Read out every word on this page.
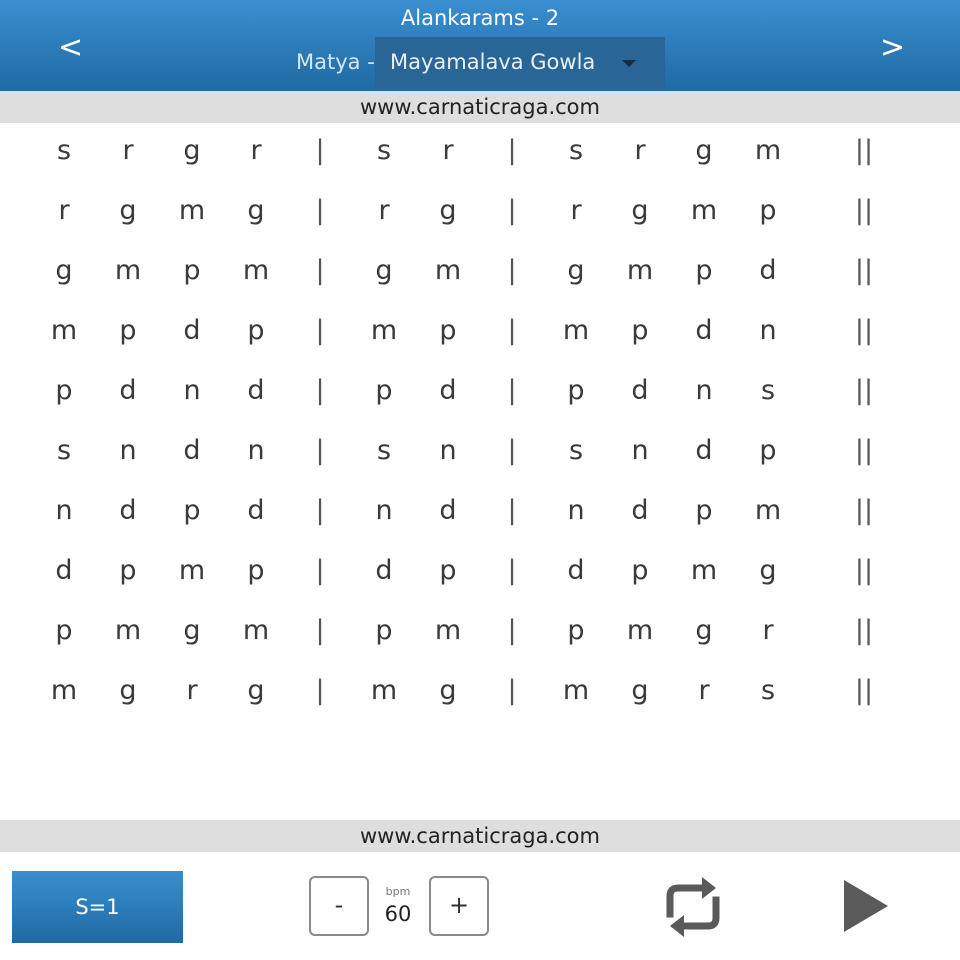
Alankarams - 2
<	>
Matya - Mayamalava Gowla
www.carnaticraga.com
s	r	g	r	|	s	r	|	s	r	g	m	||
r	g	m	g	|	r	g	|	r	g	m	p	||
g	m	p	m	|	g	m	|	g	m	p	d	||
m	p	d	p	|	m	p	|	m	p	d	n	||
p	d	n	d	|	p	d	|	p	d	n	s	||
s	n	d	n	|	s	n	|	s	n	d	p	||
n	d	p	d	|	n	d	|	n	d	p	m	||
d	p	m	p	|	d	p	|	d	p	m	g	||
p	m	g	m	|	p	m	|	p	m	g	r	||
m	g	r	g	|	m	g	|	m	g	r	s	||
www.carnaticraga.com
S=1	-	bpm
60	+
